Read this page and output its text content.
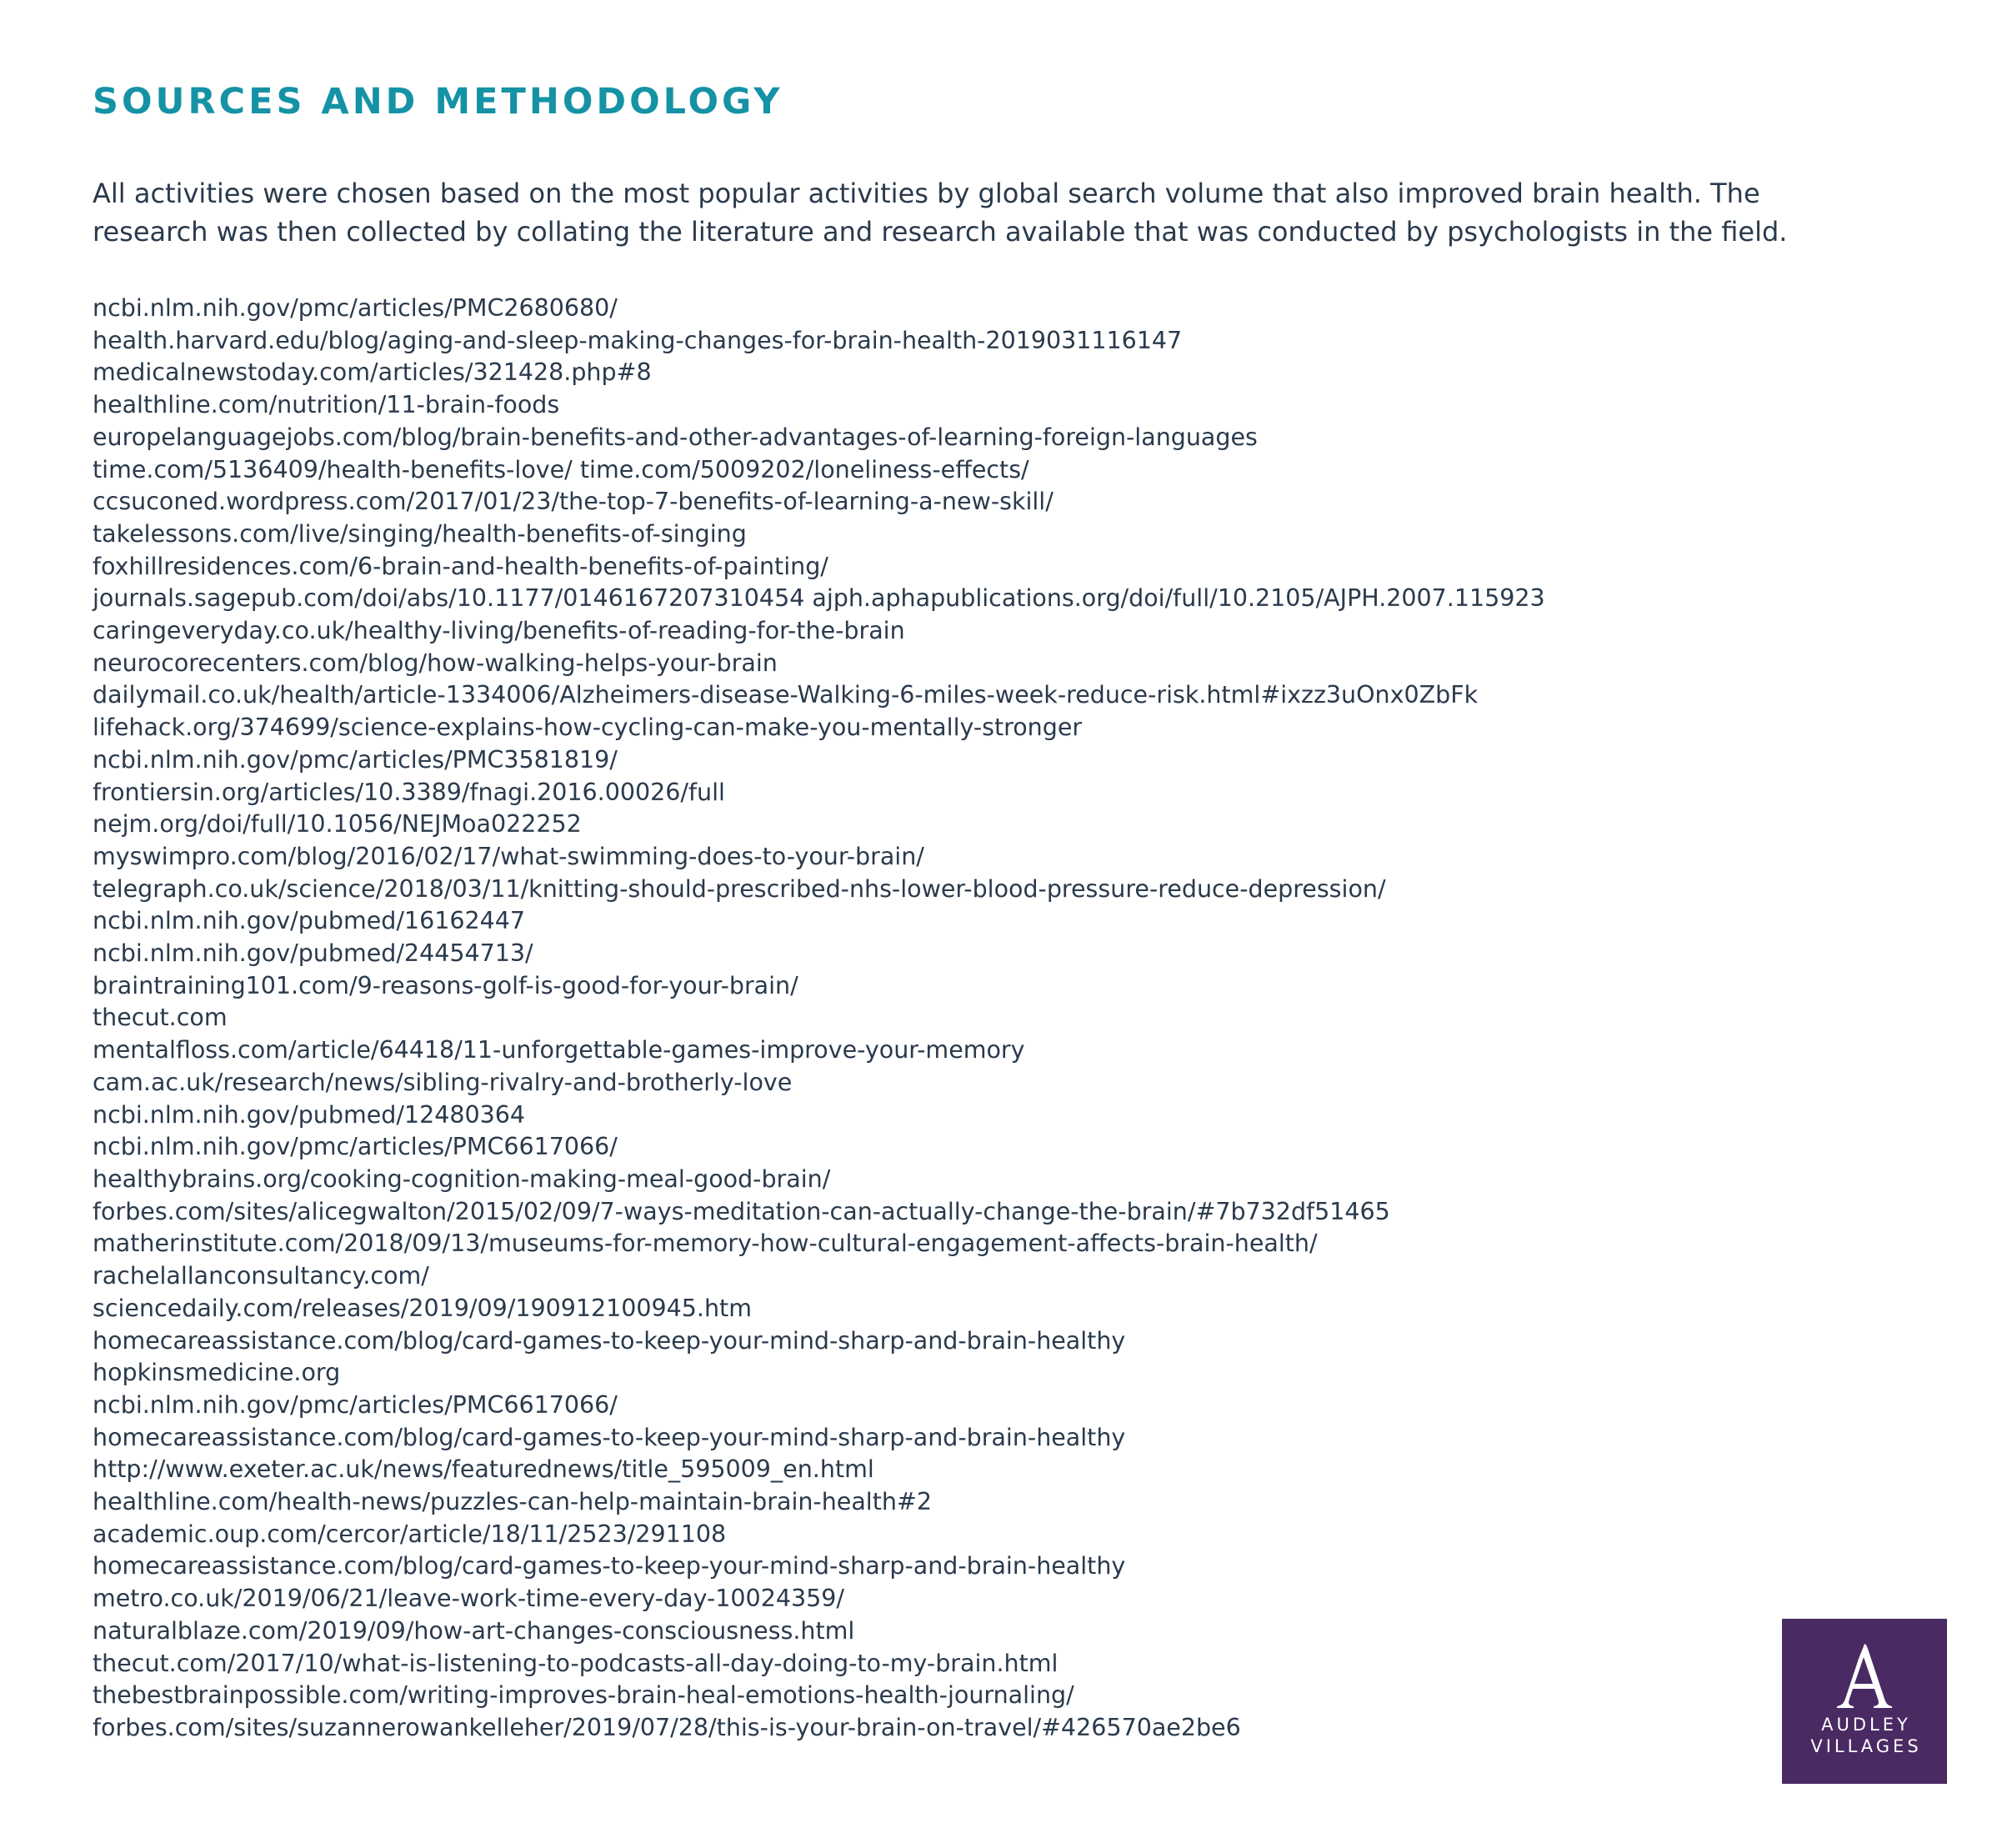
SOURCES AND METHODOLOGY

All activities were chosen based on the most popular activities by global search volume that also improved brain health. The research was then collected by collating the literature and research available that was conducted by psychologists in the field.

ncbi.nlm.nih.gov/pmc/articles/PMC2680680/
health.harvard.edu/blog/aging-and-sleep-making-changes-for-brain-health-2019031116147
medicalnewstoday.com/articles/321428.php#8
healthline.com/nutrition/11-brain-foods
europelanguagejobs.com/blog/brain-benefits-and-other-advantages-of-learning-foreign-languages
time.com/5136409/health-benefits-love/ time.com/5009202/loneliness-effects/
ccsuconed.wordpress.com/2017/01/23/the-top-7-benefits-of-learning-a-new-skill/
takelessons.com/live/singing/health-benefits-of-singing
foxhillresidences.com/6-brain-and-health-benefits-of-painting/
journals.sagepub.com/doi/abs/10.1177/0146167207310454 ajph.aphapublications.org/doi/full/10.2105/AJPH.2007.115923
caringeveryday.co.uk/healthy-living/benefits-of-reading-for-the-brain
neurocorecenters.com/blog/how-walking-helps-your-brain
dailymail.co.uk/health/article-1334006/Alzheimers-disease-Walking-6-miles-week-reduce-risk.html#ixzz3uOnx0ZbFk
lifehack.org/374699/science-explains-how-cycling-can-make-you-mentally-stronger
ncbi.nlm.nih.gov/pmc/articles/PMC3581819/
frontiersin.org/articles/10.3389/fnagi.2016.00026/full
nejm.org/doi/full/10.1056/NEJMoa022252
myswimpro.com/blog/2016/02/17/what-swimming-does-to-your-brain/
telegraph.co.uk/science/2018/03/11/knitting-should-prescribed-nhs-lower-blood-pressure-reduce-depression/
ncbi.nlm.nih.gov/pubmed/16162447
ncbi.nlm.nih.gov/pubmed/24454713/
braintraining101.com/9-reasons-golf-is-good-for-your-brain/
thecut.com
mentalfloss.com/article/64418/11-unforgettable-games-improve-your-memory
cam.ac.uk/research/news/sibling-rivalry-and-brotherly-love
ncbi.nlm.nih.gov/pubmed/12480364
ncbi.nlm.nih.gov/pmc/articles/PMC6617066/
healthybrains.org/cooking-cognition-making-meal-good-brain/
forbes.com/sites/alicegwalton/2015/02/09/7-ways-meditation-can-actually-change-the-brain/#7b732df51465
matherinstitute.com/2018/09/13/museums-for-memory-how-cultural-engagement-affects-brain-health/
rachelallanconsultancy.com/
sciencedaily.com/releases/2019/09/190912100945.htm
homecareassistance.com/blog/card-games-to-keep-your-mind-sharp-and-brain-healthy
hopkinsmedicine.org
ncbi.nlm.nih.gov/pmc/articles/PMC6617066/
homecareassistance.com/blog/card-games-to-keep-your-mind-sharp-and-brain-healthy
http://www.exeter.ac.uk/news/featurednews/title_595009_en.html
healthline.com/health-news/puzzles-can-help-maintain-brain-health#2
academic.oup.com/cercor/article/18/11/2523/291108
homecareassistance.com/blog/card-games-to-keep-your-mind-sharp-and-brain-healthy
metro.co.uk/2019/06/21/leave-work-time-every-day-10024359/
naturalblaze.com/2019/09/how-art-changes-consciousness.html
thecut.com/2017/10/what-is-listening-to-podcasts-all-day-doing-to-my-brain.html
thebestbrainpossible.com/writing-improves-brain-heal-emotions-health-journaling/
forbes.com/sites/suzannerowankelleher/2019/07/28/this-is-your-brain-on-travel/#426570ae2be6	AUDLEY
VILLAGES
